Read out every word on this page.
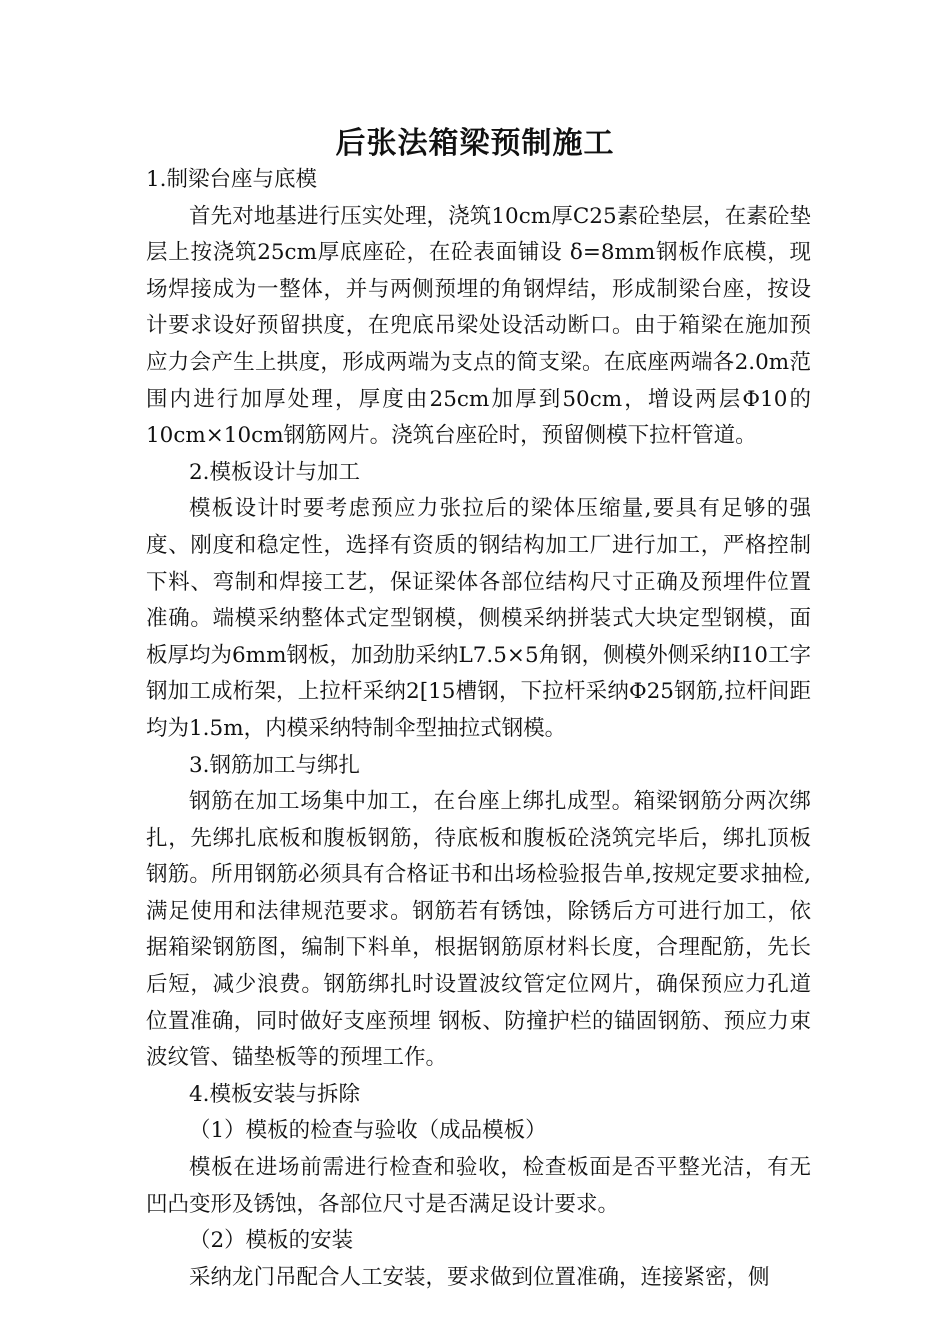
后张法箱梁预制施工

1.制梁台座与底模

首先对地基进行压实处理，浇筑10cm厚C25素砼垫层，在素砼垫层上按浇筑25cm厚底座砼，在砼表面铺设 δ=8mm钢板作底模，现场焊接成为一整体，并与两侧预埋的角钢焊结，形成制梁台座，按设计要求设好预留拱度，在兜底吊梁处设活动断口。由于箱梁在施加预应力会产生上拱度，形成两端为支点的简支梁。在底座两端各2.0m范围内进行加厚处理，厚度由25cm加厚到50cm，增设两层Φ10的10cm×10cm钢筋网片。浇筑台座砼时，预留侧模下拉杆管道。

2.模板设计与加工

模板设计时要考虑预应力张拉后的梁体压缩量,要具有足够的强度、刚度和稳定性，选择有资质的钢结构加工厂进行加工，严格控制下料、弯制和焊接工艺，保证梁体各部位结构尺寸正确及预埋件位置准确。端模采纳整体式定型钢模，侧模采纳拼装式大块定型钢模，面板厚均为6mm钢板，加劲肋采纳L7.5×5角钢，侧模外侧采纳I10工字钢加工成桁架，上拉杆采纳2[15槽钢，下拉杆采纳Φ25钢筋,拉杆间距均为1.5m，内模采纳特制伞型抽拉式钢模。

3.钢筋加工与绑扎

钢筋在加工场集中加工，在台座上绑扎成型。箱梁钢筋分两次绑扎，先绑扎底板和腹板钢筋，待底板和腹板砼浇筑完毕后，绑扎顶板钢筋。所用钢筋必须具有合格证书和出场检验报告单,按规定要求抽检,满足使用和法律规范要求。钢筋若有锈蚀，除锈后方可进行加工，依据箱梁钢筋图，编制下料单，根据钢筋原材料长度，合理配筋，先长后短，减少浪费。钢筋绑扎时设置波纹管定位网片，确保预应力孔道位置准确，同时做好支座预埋 钢板、防撞护栏的锚固钢筋、预应力束波纹管、锚垫板等的预埋工作。

4.模板安装与拆除

（1）模板的检查与验收（成品模板）

模板在进场前需进行检查和验收，检查板面是否平整光洁，有无凹凸变形及锈蚀，各部位尺寸是否满足设计要求。

（2）模板的安装

采纳龙门吊配合人工安装，要求做到位置准确，连接紧密，侧
